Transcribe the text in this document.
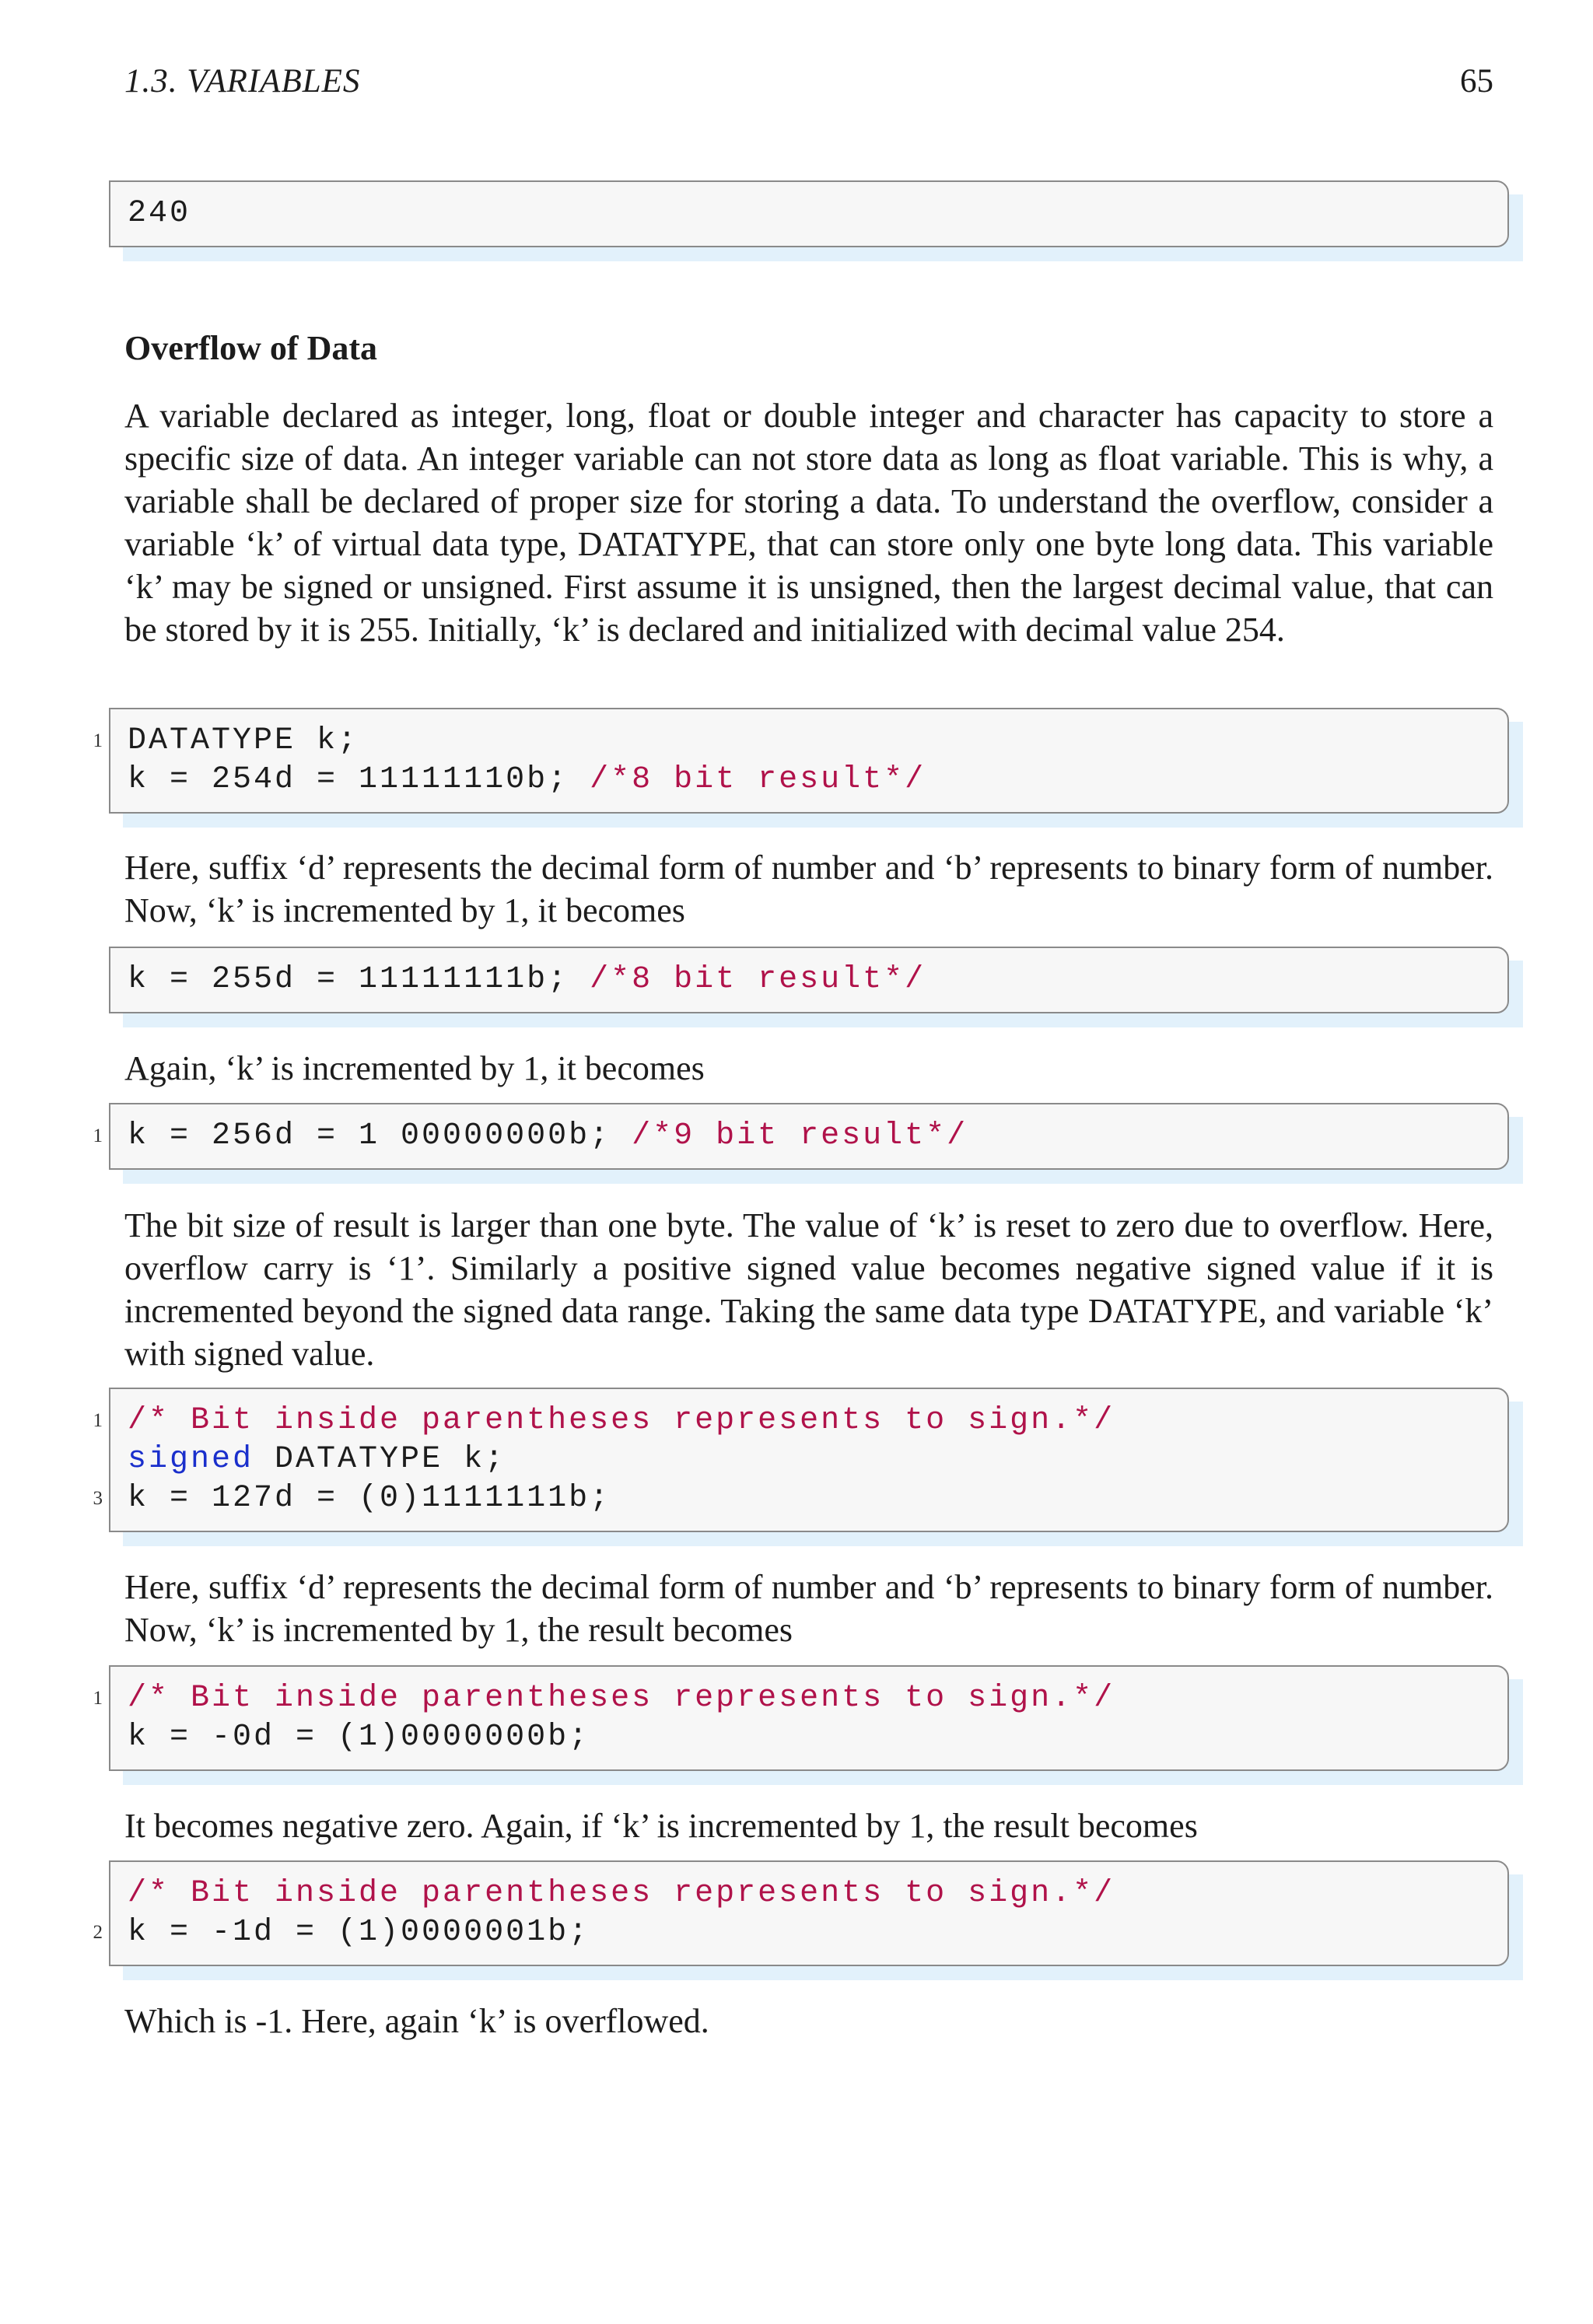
1.3. VARIABLES	65
240
Overflow of Data

A variable declared as integer, long, float or double integer and character has capacity to store a specific size of data. An integer variable can not store data as long as float variable. This is why, a variable shall be declared of proper size for storing a data. To understand the overflow, consider a variable ‘k’ of virtual data type, DATATYPE, that can store only one byte long data. This variable ‘k’ may be signed or unsigned. First assume it is unsigned, then the largest decimal value, that can be stored by it is 255. Initially, ‘k’ is declared and initialized with decimal value 254.

1 DATATYPE k;
k = 254d = 11111110b; /*8 bit result*/

Here, suffix ‘d’ represents the decimal form of number and ‘b’ represents to binary form of number. Now, ‘k’ is incremented by 1, it becomes

k = 255d = 11111111b; /*8 bit result*/

Again, ‘k’ is incremented by 1, it becomes

1 k = 256d = 1 00000000b; /*9 bit result*/

The bit size of result is larger than one byte. The value of ‘k’ is reset to zero due to overflow. Here, overflow carry is ‘1’. Similarly a positive signed value becomes negative signed value if it is incremented beyond the signed data range. Taking the same data type DATATYPE, and variable ‘k’ with signed value.

1 /* Bit inside parentheses represents to sign.*/
signed DATATYPE k;
3 k = 127d = (0)1111111b;

Here, suffix ‘d’ represents the decimal form of number and ‘b’ represents to binary form of number. Now, ‘k’ is incremented by 1, the result becomes

1 /* Bit inside parentheses represents to sign.*/
k = -0d = (1)0000000b;

It becomes negative zero. Again, if ‘k’ is incremented by 1, the result becomes

/* Bit inside parentheses represents to sign.*/
2 k = -1d = (1)0000001b;

Which is -1. Here, again ‘k’ is overflowed.
